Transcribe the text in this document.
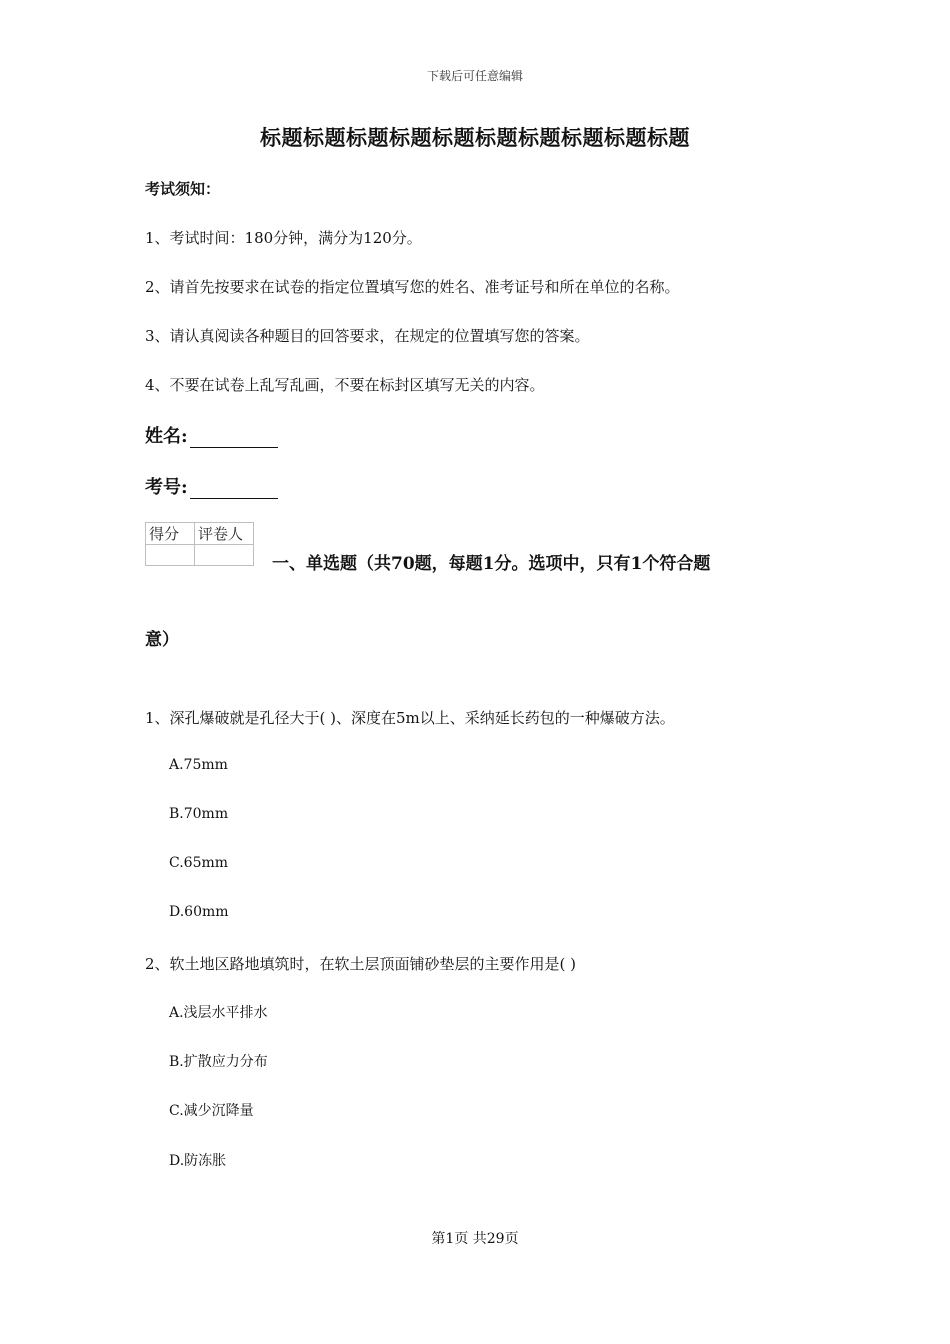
下载后可任意编辑
标题标题标题标题标题标题标题标题标题标题
考试须知：
1、考试时间：180分钟，满分为120分。
2、请首先按要求在试卷的指定位置填写您的姓名、准考证号和所在单位的名称。
3、请认真阅读各种题目的回答要求，在规定的位置填写您的答案。
4、不要在试卷上乱写乱画，不要在标封区填写无关的内容。
姓名:
考号:
得分	评卷人

一、单选题（共70题，每题1分。选项中，只有1个符合题
意）
1、深孔爆破就是孔径大于( )、深度在5m以上、采纳延长药包的一种爆破方法。
A.75mm
B.70mm
C.65mm
D.60mm
2、软土地区路地填筑时，在软土层顶面铺砂垫层的主要作用是( )
A.浅层水平排水
B.扩散应力分布
C.减少沉降量
D.防冻胀
第1页 共29页
